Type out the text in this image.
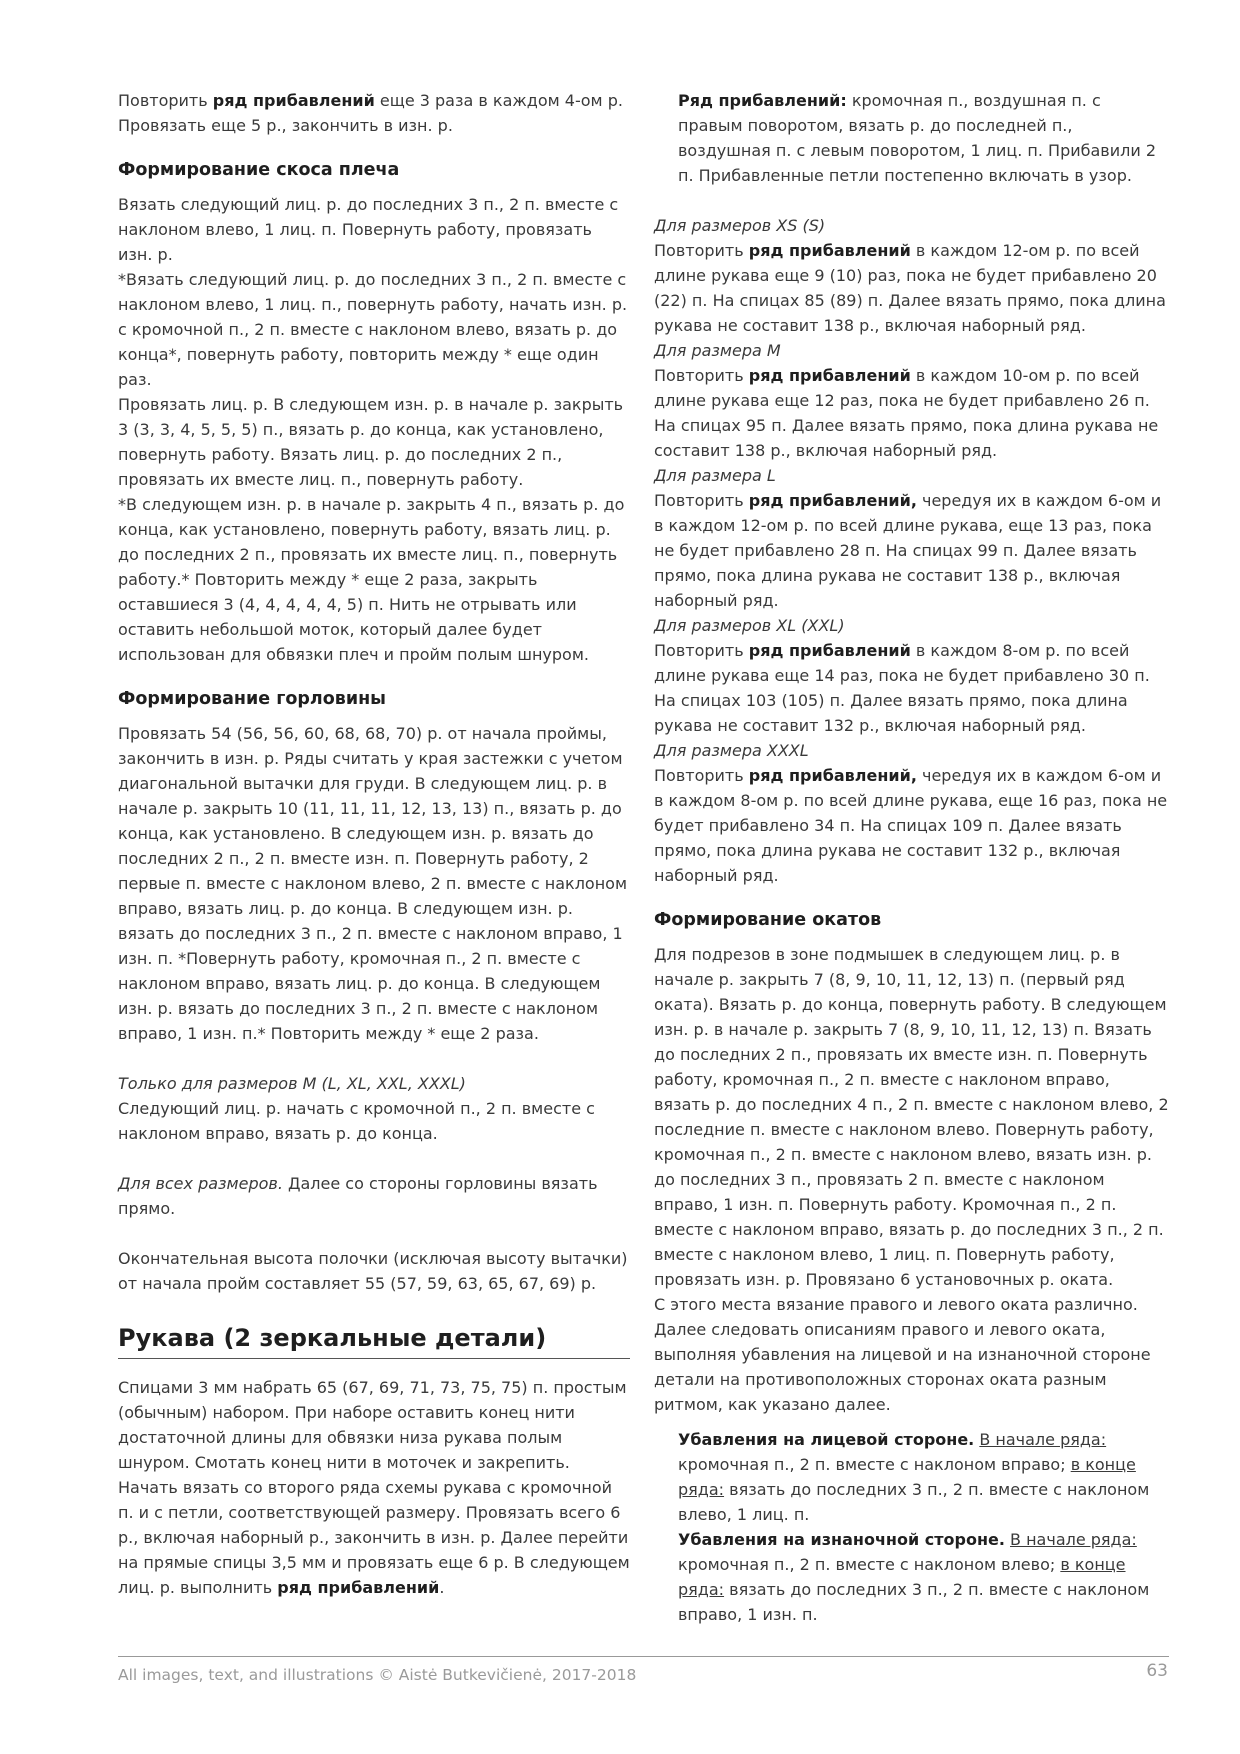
Повторить ряд прибавлений еще 3 раза в каждом 4-ом р. Провязать еще 5 р., закончить в изн. р.

Формирование скоса плеча

Вязать следующий лиц. р. до последних 3 п., 2 п. вместе с наклоном влево, 1 лиц. п. Повернуть работу, провязать изн. р.

*Вязать следующий лиц. р. до последних 3 п., 2 п. вместе с наклоном влево, 1 лиц. п., повернуть работу, начать изн. р. с кромочной п., 2 п. вместе с наклоном влево, вязать р. до конца*, повернуть работу, повторить между * еще один раз.

Провязать лиц. р. В следующем изн. р. в начале р. закрыть 3 (3, 3, 4, 5, 5, 5) п., вязать р. до конца, как установлено, повернуть работу. Вязать лиц. р. до последних 2 п., провязать их вместе лиц. п., повернуть работу.

*В следующем изн. р. в начале р. закрыть 4 п., вязать р. до конца, как установлено, повернуть работу, вязать лиц. р. до последних 2 п., провязать их вместе лиц. п., повернуть работу.* Повторить между * еще 2 раза, закрыть оставшиеся 3 (4, 4, 4, 4, 4, 5) п. Нить не отрывать или оставить небольшой моток, который далее будет использован для обвязки плеч и пройм полым шнуром.

Формирование горловины

Провязать 54 (56, 56, 60, 68, 68, 70) р. от начала проймы, закончить в изн. р. Ряды считать у края застежки с учетом диагональной вытачки для груди. В следующем лиц. р. в начале р. закрыть 10 (11, 11, 11, 12, 13, 13) п., вязать р. до конца, как установлено. В следующем изн. р. вязать до последних 2 п., 2 п. вместе изн. п. Повернуть работу, 2 первые п. вместе с наклоном влево, 2 п. вместе с наклоном вправо, вязать лиц. р. до конца. В следующем изн. р. вязать до последних 3 п., 2 п. вместе с наклоном вправо, 1 изн. п. *Повернуть работу, кромочная п., 2 п. вместе с наклоном вправо, вязать лиц. р. до конца. В следующем изн. р. вязать до последних 3 п., 2 п. вместе с наклоном вправо, 1 изн. п.* Повторить между * еще 2 раза.

Только для размеров M (L, XL, XXL, XXXL)
Следующий лиц. р. начать с кромочной п., 2 п. вместе с наклоном вправо, вязать р. до конца.

Для всех размеров. Далее со стороны горловины вязать прямо.

Окончательная высота полочки (исключая высоту вытачки) от начала пройм составляет 55 (57, 59, 63, 65, 67, 69) р.

Рукава (2 зеркальные детали)

Спицами 3 мм набрать 65 (67, 69, 71, 73, 75, 75) п. простым (обычным) набором. При наборе оставить конец нити достаточной длины для обвязки низа рукава полым шнуром. Смотать конец нити в моточек и закрепить. Начать вязать со второго ряда схемы рукава с кромочной п. и с петли, соответствующей размеру. Провязать всего 6 р., включая наборный р., закончить в изн. р. Далее перейти на прямые спицы 3,5 мм и провязать еще 6 р. В следующем лиц. р. выполнить ряд прибавлений.

Ряд прибавлений: кромочная п., воздушная п. с правым поворотом, вязать р. до последней п., воздушная п. с левым поворотом, 1 лиц. п. Прибавили 2 п. Прибавленные петли постепенно включать в узор.

Для размеров XS (S)
Повторить ряд прибавлений в каждом 12-ом р. по всей длине рукава еще 9 (10) раз, пока не будет прибавлено 20 (22) п. На спицах 85 (89) п. Далее вязать прямо, пока длина рукава не составит 138 р., включая наборный ряд.

Для размера M
Повторить ряд прибавлений в каждом 10-ом р. по всей длине рукава еще 12 раз, пока не будет прибавлено 26 п. На спицах 95 п. Далее вязать прямо, пока длина рукава не составит 138 р., включая наборный ряд.

Для размера L
Повторить ряд прибавлений, чередуя их в каждом 6-ом и в каждом 12-ом р. по всей длине рукава, еще 13 раз, пока не будет прибавлено 28 п. На спицах 99 п. Далее вязать прямо, пока длина рукава не составит 138 р., включая наборный ряд.

Для размеров XL (XXL)
Повторить ряд прибавлений в каждом 8-ом р. по всей длине рукава еще 14 раз, пока не будет прибавлено 30 п. На спицах 103 (105) п. Далее вязать прямо, пока длина рукава не составит 132 р., включая наборный ряд.

Для размера XXXL
Повторить ряд прибавлений, чередуя их в каждом 6-ом и в каждом 8-ом р. по всей длине рукава, еще 16 раз, пока не будет прибавлено 34 п. На спицах 109 п. Далее вязать прямо, пока длина рукава не составит 132 р., включая наборный ряд.

Формирование окатов

Для подрезов в зоне подмышек в следующем лиц. р. в начале р. закрыть 7 (8, 9, 10, 11, 12, 13) п. (первый ряд оката). Вязать р. до конца, повернуть работу. В следующем изн. р. в начале р. закрыть 7 (8, 9, 10, 11, 12, 13) п. Вязать до последних 2 п., провязать их вместе изн. п. Повернуть работу, кромочная п., 2 п. вместе с наклоном вправо, вязать р. до последних 4 п., 2 п. вместе с наклоном влево, 2 последние п. вместе с наклоном влево. Повернуть работу, кромочная п., 2 п. вместе с наклоном влево, вязать изн. р. до последних 3 п., провязать 2 п. вместе с наклоном вправо, 1 изн. п. Повернуть работу. Кромочная п., 2 п. вместе с наклоном вправо, вязать р. до последних 3 п., 2 п. вместе с наклоном влево, 1 лиц. п. Повернуть работу, провязать изн. р. Провязано 6 установочных р. оката.

С этого места вязание правого и левого оката различно. Далее следовать описаниям правого и левого оката, выполняя убавления на лицевой и на изнаночной стороне детали на противоположных сторонах оката разным ритмом, как указано далее.

Убавления на лицевой стороне. В начале ряда: кромочная п., 2 п. вместе с наклоном вправо; в конце ряда: вязать до последних 3 п., 2 п. вместе с наклоном влево, 1 лиц. п.

Убавления на изнаночной стороне. В начале ряда: кромочная п., 2 п. вместе с наклоном влево; в конце ряда: вязать до последних 3 п., 2 п. вместе с наклоном вправо, 1 изн. п.

All images, text, and illustrations © Aistė Butkevičienė, 2017-2018	63
